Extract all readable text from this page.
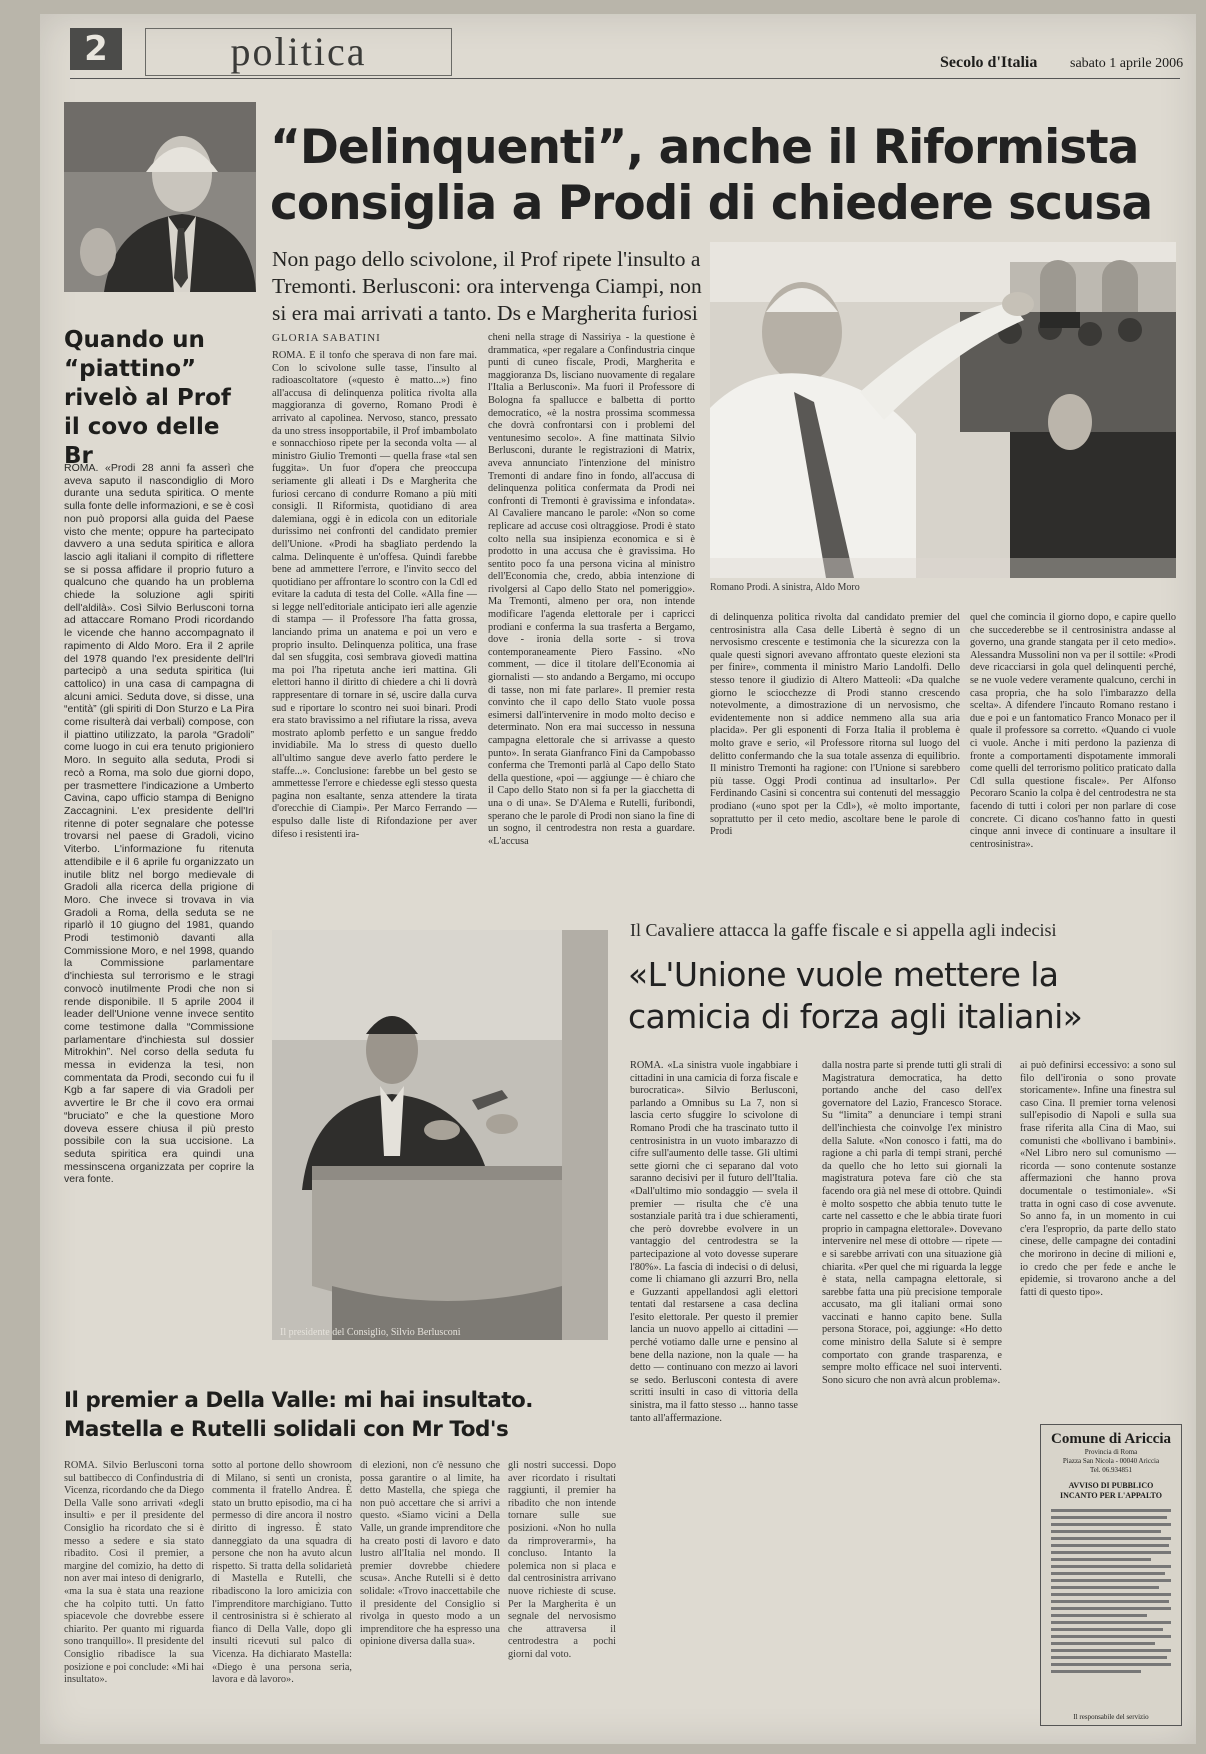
2	politica	Secolo d'Italia sabato 1 aprile 2006
“Delinquenti”, anche il Riformista consiglia a Prodi di chiedere scusa
Non pago dello scivolone, il Prof ripete l'insulto a Tremonti. Berlusconi: ora intervenga Ciampi, non si era mai arrivati a tanto. Ds e Margherita furiosi
Romano Prodi. A sinistra, Aldo Moro
Quando un “piattino” rivelò al Prof il covo delle Br
ROMA. «Prodi 28 anni fa asserì che aveva saputo il nascondiglio di Moro durante una seduta spiritica. O mente sulla fonte delle informazioni, e se è così non può proporsi alla guida del Paese visto che mente; oppure ha partecipato davvero a una seduta spiritica e allora lascio agli italiani il compito di riflettere se si possa affidare il proprio futuro a qualcuno che quando ha un problema chiede la soluzione agli spiriti dell'aldilà». Così Silvio Berlusconi torna ad attaccare Romano Prodi ricordando le vicende che hanno accompagnato il rapimento di Aldo Moro. Era il 2 aprile del 1978 quando l'ex presidente dell'Iri partecipò a una seduta spiritica (lui cattolico) in una casa di campagna di alcuni amici. Seduta dove, si disse, una “entità” (gli spiriti di Don Sturzo e La Pira come risulterà dai verbali) compose, con il piattino utilizzato, la parola “Gradoli” come luogo in cui era tenuto prigioniero Moro. In seguito alla seduta, Prodi si recò a Roma, ma solo due giorni dopo, per trasmettere l'indicazione a Umberto Cavina, capo ufficio stampa di Benigno Zaccagnini. L'ex presidente dell'Iri ritenne di poter segnalare che potesse trovarsi nel paese di Gradoli, vicino Viterbo. L'informazione fu ritenuta attendibile e il 6 aprile fu organizzato un inutile blitz nel borgo medievale di Gradoli alla ricerca della prigione di Moro. Che invece si trovava in via Gradoli a Roma, della seduta se ne riparlò il 10 giugno del 1981, quando Prodi testimoniò davanti alla Commissione Moro, e nel 1998, quando la Commissione parlamentare d'inchiesta sul terrorismo e le stragi convocò inutilmente Prodi che non si rende disponibile. Il 5 aprile 2004 il leader dell'Unione venne invece sentito come testimone dalla “Commissione parlamentare d'inchiesta sul dossier Mitrokhin”. Nel corso della seduta fu messa in evidenza la tesi, non commentata da Prodi, secondo cui fu il Kgb a far sapere di via Gradoli per avvertire le Br che il covo era ormai “bruciato” e che la questione Moro doveva essere chiusa il più presto possibile con la sua uccisione. La seduta spiritica era quindi una messinscena organizzata per coprire la vera fonte.
GLORIA SABATINI
ROMA. È il tonfo che sperava di non fare mai. Con lo scivolone sulle tasse, l'insulto al radioascoltatore («questo è matto...») fino all'accusa di delinquenza politica rivolta alla maggioranza di governo, Romano Prodi è arrivato al capolinea. Nervoso, stanco, pressato da uno stress insopportabile, il Prof imbambolato e sonnacchioso ripete per la seconda volta — al ministro Giulio Tremonti — quella frase «tal sen fuggita». Un fuor d'opera che preoccupa seriamente gli alleati i Ds e Margherita che furiosi cercano di condurre Romano a più miti consigli. Il Riformista, quotidiano di area dalemiana, oggi è in edicola con un editoriale durissimo nei confronti del candidato premier dell'Unione. «Prodi ha sbagliato perdendo la calma. Delinquente è un'offesa. Quindi farebbe bene ad ammettere l'errore, e l'invito secco del quotidiano per affrontare lo scontro con la Cdl ed evitare la caduta di testa del Colle. «Alla fine — si legge nell'editoriale anticipato ieri alle agenzie di stampa — il Professore l'ha fatta grossa, lanciando prima un anatema e poi un vero e proprio insulto. Delinquenza politica, una frase dal sen sfuggita, così sembrava giovedì mattina ma poi l'ha ripetuta anche ieri mattina. Gli elettori hanno il diritto di chiedere a chi li dovrà rappresentare di tornare in sé, uscire dalla curva sud e riportare lo scontro nei suoi binari. Prodi era stato bravissimo a nel rifiutare la rissa, aveva mostrato aplomb perfetto e un sangue freddo invidiabile. Ma lo stress di questo duello all'ultimo sangue deve averlo fatto perdere le staffe...». Conclusione: farebbe un bel gesto se ammettesse l'errore e chiedesse egli stesso questa pagina non esaltante, senza attendere la tirata d'orecchie di Ciampi». Per Marco Ferrando — espulso dalle liste di Rifondazione per aver difeso i resistenti ira-
cheni nella strage di Nassiriya - la questione è drammatica, «per regalare a Confindustria cinque punti di cuneo fiscale, Prodi, Margherita e maggioranza Ds, lisciano nuovamente di regalare l'Italia a Berlusconi». Ma fuori il Professore di Bologna fa spallucce e balbetta di portto democratico, «è la nostra prossima scommessa che dovrà confrontarsi con i problemi del ventunesimo secolo». A fine mattinata Silvio Berlusconi, durante le registrazioni di Matrix, aveva annunciato l'intenzione del ministro Tremonti di andare fino in fondo, all'accusa di delinquenza politica confermata da Prodi nei confronti di Tremonti è gravissima e infondata». Al Cavaliere mancano le parole: «Non so come replicare ad accuse così oltraggiose. Prodi è stato colto nella sua insipienza economica e si è prodotto in una accusa che è gravissima. Ho sentito poco fa una persona vicina al ministro dell'Economia che, credo, abbia intenzione di rivolgersi al Capo dello Stato nel pomeriggio». Ma Tremonti, almeno per ora, non intende modificare l'agenda elettorale per i capricci prodiani e conferma la sua trasferta a Bergamo, dove - ironia della sorte - si trova contemporaneamente Piero Fassino. «No comment, — dice il titolare dell'Economia ai giornalisti — sto andando a Bergamo, mi occupo di tasse, non mi fate parlare». Il premier resta convinto che il capo dello Stato vuole possa esimersi dall'intervenire in modo molto deciso e determinato. Non era mai successo in nessuna campagna elettorale che si arrivasse a questo punto». In serata Gianfranco Fini da Campobasso conferma che Tremonti parlà al Capo dello Stato della questione, «poi — aggiunge — è chiaro che il Capo dello Stato non si fa per la giacchetta di una o di una». Se D'Alema e Rutelli, furibondi, sperano che le parole di Prodi non siano la fine di un sogno, il centrodestra non resta a guardare. «L'accusa
di delinquenza politica rivolta dal candidato premier del centrosinistra alla Casa delle Libertà è segno di un nervosismo crescente e testimonia che la sicurezza con la quale questi signori avevano affrontato queste elezioni sta per finire», commenta il ministro Mario Landolfi. Dello stesso tenore il giudizio di Altero Matteoli: «Da qualche giorno le sciocchezze di Prodi stanno crescendo notevolmente, a dimostrazione di un nervosismo, che evidentemente non si addice nemmeno alla sua aria placida». Per gli esponenti di Forza Italia il problema è molto grave e serio, «il Professore ritorna sul luogo del delitto confermando che la sua totale assenza di equilibrio. Il ministro Tremonti ha ragione: con l'Unione si sarebbero più tasse. Oggi Prodi continua ad insultarlo». Per Ferdinando Casini si concentra sui contenuti del messaggio prodiano («uno spot per la Cdl»), «è molto importante, soprattutto per il ceto medio, ascoltare bene le parole di Prodi
quel che comincia il giorno dopo, e capire quello che succederebbe se il centrosinistra andasse al governo, una grande stangata per il ceto medio». Alessandra Mussolini non va per il sottile: «Prodi deve ricacciarsi in gola quel delinquenti perché, se ne vuole vedere veramente qualcuno, cerchi in casa propria, che ha solo l'imbarazzo della scelta». A difendere l'incauto Romano restano i due e poi e un fantomatico Franco Monaco per il quale il professore sa corretto. «Quando ci vuole ci vuole. Anche i miti perdono la pazienza di fronte a comportamenti dispotamente immorali come quelli del terrorismo politico praticato dalla Cdl sulla questione fiscale». Per Alfonso Pecoraro Scanio la colpa è del centrodestra ne sta facendo di tutti i colori per non parlare di cose concrete. Ci dicano cos'hanno fatto in questi cinque anni invece di continuare a insultare il centrosinistra».
Il presidente del Consiglio, Silvio Berlusconi
Il Cavaliere attacca la gaffe fiscale e si appella agli indecisi
«L'Unione vuole mettere la camicia di forza agli italiani»
ROMA. «La sinistra vuole ingabbiare i cittadini in una camicia di forza fiscale e burocratica». Silvio Berlusconi, parlando a Omnibus su La 7, non si lascia certo sfuggire lo scivolone di Romano Prodi che ha trascinato tutto il centrosinistra in un vuoto imbarazzo di cifre sull'aumento delle tasse. Gli ultimi sette giorni che ci separano dal voto saranno decisivi per il futuro dell'Italia. «Dall'ultimo mio sondaggio — svela il premier — risulta che c'è una sostanziale parità tra i due schieramenti, che però dovrebbe evolvere in un vantaggio del centrodestra se la partecipazione al voto dovesse superare l'80%». La fascia di indecisi o di delusi, come li chiamano gli azzurri Bro, nella e Guzzanti appellandosi agli elettori tentati dal restarsene a casa declina l'esito elettorale. Per questo il premier lancia un nuovo appello ai cittadini — perché votiamo dalle urne e pensino al bene della nazione, non la quale — ha detto — continuano con mezzo ai lavori se sedo. Berlusconi contesta di avere scritti insulti in caso di vittoria della sinistra, ma il fatto stesso ... hanno tasse tanto all'affermazione.
dalla nostra parte si prende tutti gli strali di Magistratura democratica, ha detto portando anche del caso dell'ex governatore del Lazio, Francesco Storace. Su “limita” a denunciare i tempi strani dell'inchiesta che coinvolge l'ex ministro della Salute. «Non conosco i fatti, ma do ragione a chi parla di tempi strani, perché da quello che ho letto sui giornali la magistratura poteva fare ciò che sta facendo ora già nel mese di ottobre. Quindi è molto sospetto che abbia tenuto tutte le carte nel cassetto e che le abbia tirate fuori proprio in campagna elettorale». Dovevano intervenire nel mese di ottobre — ripete — e si sarebbe arrivati con una situazione già chiarita. «Per quel che mi riguarda la legge è stata, nella campagna elettorale, si sarebbe fatta una più precisione temporale accusato, ma gli italiani ormai sono vaccinati e hanno capito bene. Sulla persona Storace, poi, aggiunge: «Ho detto come ministro della Salute si è sempre comportato con grande trasparenza, e sempre molto efficace nel suoi interventi. Sono sicuro che non avrà alcun problema».
ai può definirsi eccessivo: a sono sul filo dell'ironia o sono provate storicamente». Infine una finestra sul caso Cina. Il premier torna velenosi sull'episodio di Napoli e sulla sua frase riferita alla Cina di Mao, sui comunisti che «bollivano i bambini». «Nel Libro nero sul comunismo — ricorda — sono contenute sostanze affermazioni che hanno prova documentale o testimoniale». «Si tratta in ogni caso di cose avvenute. So anno fa, in un momento in cui c'era l'esproprio, da parte dello stato cinese, delle campagne dei contadini che morirono in decine di milioni e, io credo che per fede e anche le epidemie, si trovarono anche a del fatti di questo tipo».
Il premier a Della Valle: mi hai insultato. Mastella e Rutelli solidali con Mr Tod's
ROMA. Silvio Berlusconi torna sul battibecco di Confindustria di Vicenza, ricordando che da Diego Della Valle sono arrivati «degli insulti» e per il presidente del Consiglio ha ricordato che si è messo a sedere e sia stato ribadito. Così il premier, a margine del comizio, ha detto di non aver mai inteso di denigrarlo, «ma la sua è stata una reazione che ha colpito tutti. Un fatto spiacevole che dovrebbe essere chiarito. Per quanto mi riguarda sono tranquillo». Il presidente del Consiglio ribadisce la sua posizione e poi conclude: «Mi hai insultato».
sotto al portone dello showroom di Milano, si sentì un cronista, commenta il fratello Andrea. È stato un brutto episodio, ma ci ha permesso di dire ancora il nostro diritto di ingresso. È stato danneggiato da una squadra di persone che non ha avuto alcun rispetto. Si tratta della solidarietà di Mastella e Rutelli, che ribadiscono la loro amicizia con l'imprenditore marchigiano. Tutto il centrosinistra si è schierato al fianco di Della Valle, dopo gli insulti ricevuti sul palco di Vicenza. Ha dichiarato Mastella: «Diego è una persona seria, lavora e dà lavoro».
di elezioni, non c'è nessuno che possa garantire o al limite, ha detto Mastella, che spiega che non può accettare che si arrivi a questo. «Siamo vicini a Della Valle, un grande imprenditore che ha creato posti di lavoro e dato lustro all'Italia nel mondo. Il premier dovrebbe chiedere scusa». Anche Rutelli si è detto solidale: «Trovo inaccettabile che il presidente del Consiglio si rivolga in questo modo a un imprenditore che ha espresso una opinione diversa dalla sua».
gli nostri successi. Dopo aver ricordato i risultati raggiunti, il premier ha ribadito che non intende tornare sulle sue posizioni. «Non ho nulla da rimproverarmi», ha concluso. Intanto la polemica non si placa e dal centrosinistra arrivano nuove richieste di scuse. Per la Margherita è un segnale del nervosismo che attraversa il centrodestra a pochi giorni dal voto.
Comune di Ariccia
Provincia di Roma
Piazza San Nicola - 00040 Ariccia
Tel. 06.934851
AVVISO DI PUBBLICO
INCANTO PER L'APPALTO
Il responsabile del servizio
